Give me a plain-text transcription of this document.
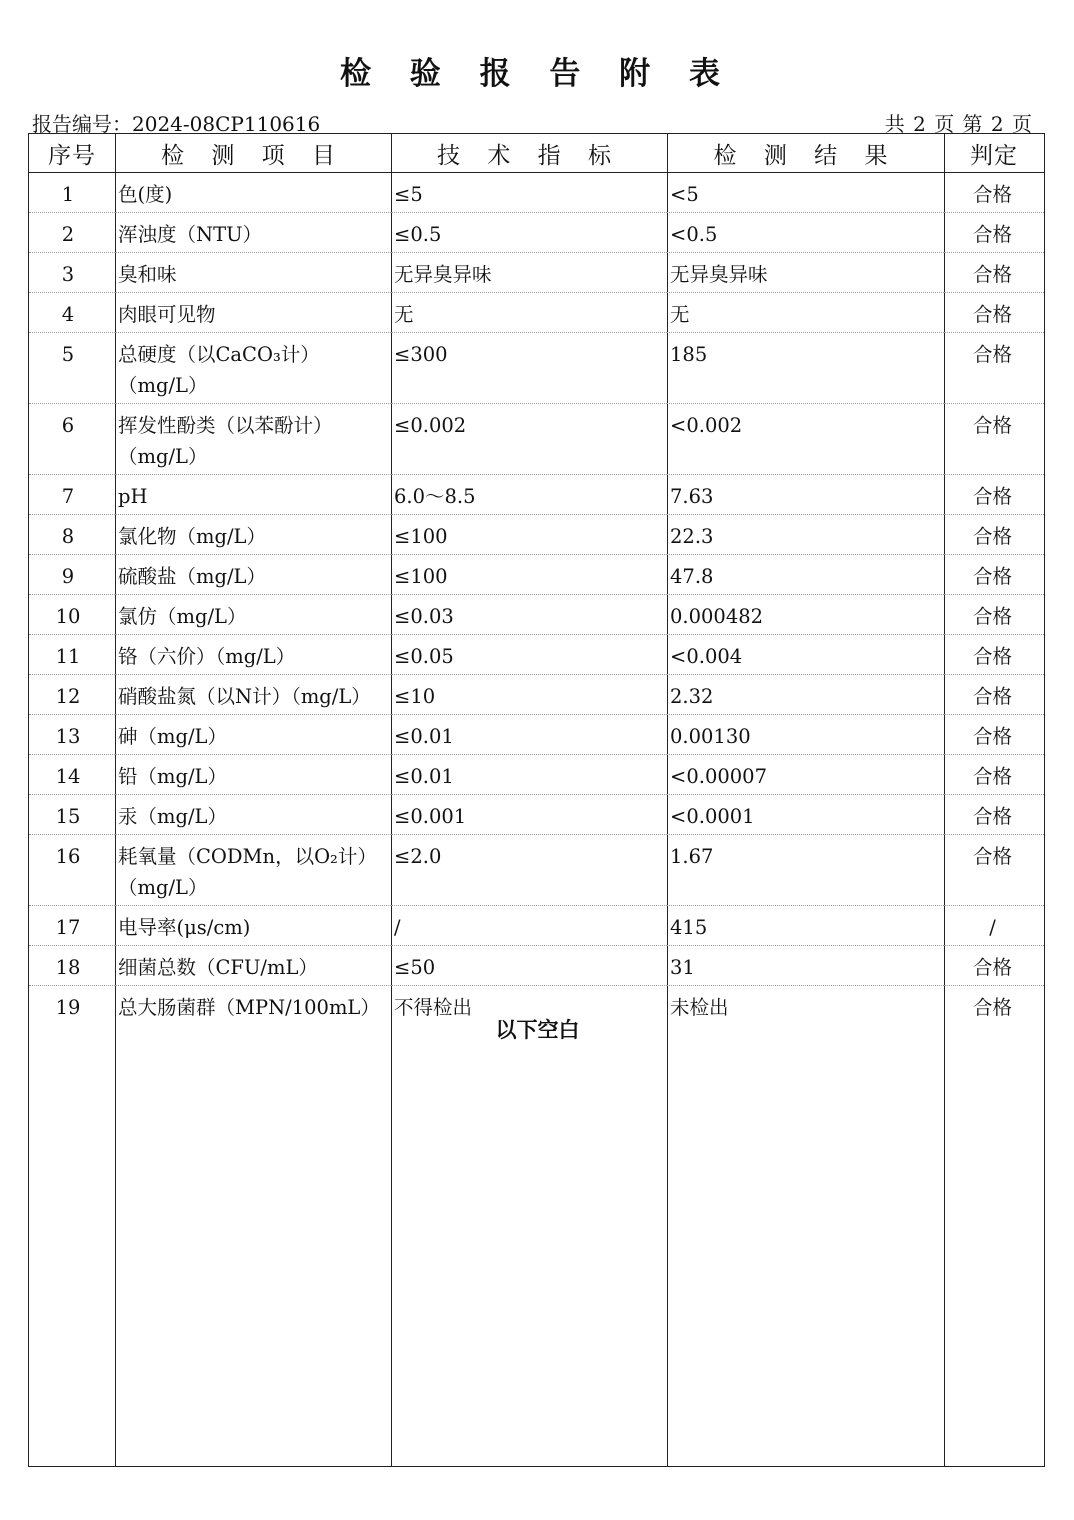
检 验 报 告 附 表
报告编号：2024-08CP110616	共 2 页 第 2 页
序号	检 测 项 目	技 术 指 标	检 测 结 果	判定
1	色(度)	≤5	<5	合格
2	浑浊度（NTU）	≤0.5	<0.5	合格
3	臭和味	无异臭异味	无异臭异味	合格
4	肉眼可见物	无	无	合格
5	总硬度（以CaCO₃计）（mg/L）	≤300	185	合格
6	挥发性酚类（以苯酚计）（mg/L）	≤0.002	<0.002	合格
7	pH	6.0～8.5	7.63	合格
8	氯化物（mg/L）	≤100	22.3	合格
9	硫酸盐（mg/L）	≤100	47.8	合格
10	氯仿（mg/L）	≤0.03	0.000482	合格
11	铬（六价）（mg/L）	≤0.05	<0.004	合格
12	硝酸盐氮（以N计）（mg/L）	≤10	2.32	合格
13	砷（mg/L）	≤0.01	0.00130	合格
14	铅（mg/L）	≤0.01	<0.00007	合格
15	汞（mg/L）	≤0.001	<0.0001	合格
16	耗氧量（CODMn，以O₂计）（mg/L）	≤2.0	1.67	合格
17	电导率(μs/cm)	/	415	/
18	细菌总数（CFU/mL）	≤50	31	合格
19	总大肠菌群（MPN/100mL）	不得检出	未检出	合格
以下空白
